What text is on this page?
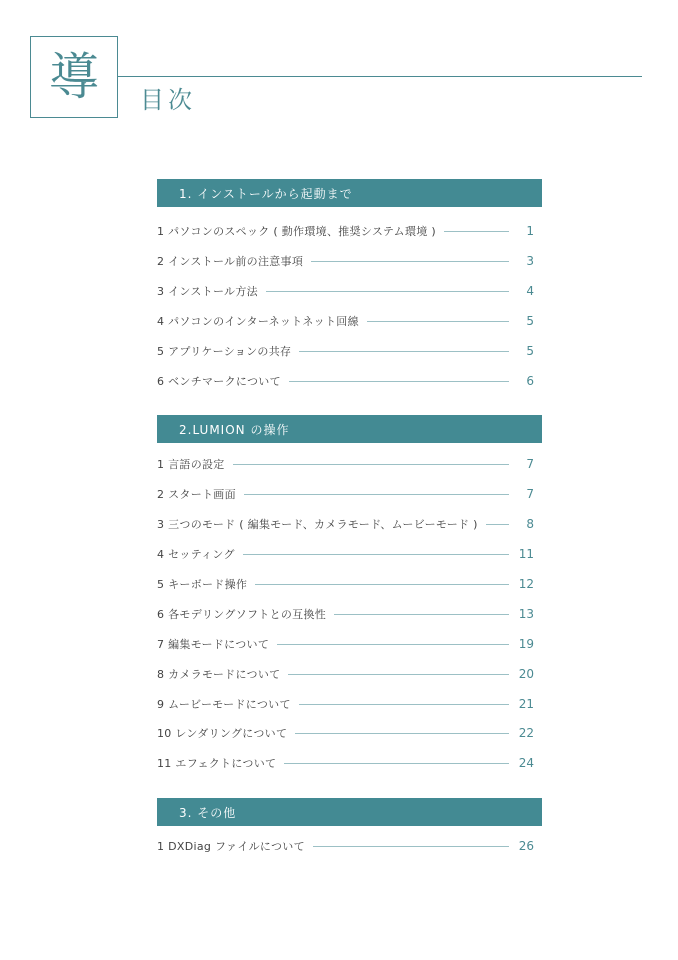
導 目次
1. インストールから起動まで
1 パソコンのスペック ( 動作環境、推奨システム環境 )	1
2 インストール前の注意事項	3
3 インストール方法	4
4 パソコンのインターネットネット回線	5
5 アプリケーションの共存	5
6 ベンチマークについて	6
2.LUMION の操作
1 言語の設定	7
2 スタート画面	7
3 三つのモード ( 編集モード、カメラモード、ムービーモード )	8
4 セッティング	11
5 キーボード操作	12
6 各モデリングソフトとの互換性	13
7 編集モードについて	19
8 カメラモードについて	20
9 ムービーモードについて	21
10 レンダリングについて	22
11 エフェクトについて	24
3. その他
1 DXDiag ファイルについて	26
